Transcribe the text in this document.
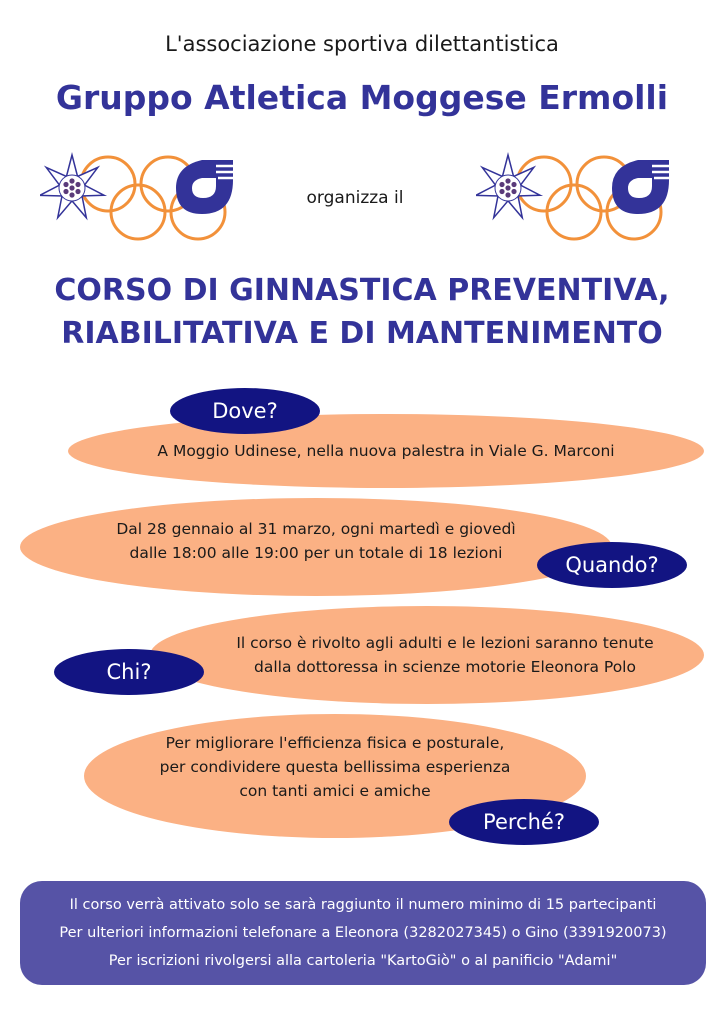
L'associazione sportiva dilettantistica
Gruppo Atletica Moggese Ermolli
organizza il
CORSO DI GINNASTICA PREVENTIVA,
RIABILITATIVA E DI MANTENIMENTO
A Moggio Udinese, nella nuova palestra in Viale G. Marconi
Dove?
Dal 28 gennaio al 31 marzo, ogni martedì e giovedì
dalle 18:00 alle 19:00 per un totale di 18 lezioni	Quando?
Il corso è rivolto agli adulti e le lezioni saranno tenute
dalla dottoressa in scienze motorie Eleonora Polo
Chi?
Per migliorare l'efficienza fisica e posturale,
per condividere questa bellissima esperienza
con tanti amici e amiche
Perché?
Il corso verrà attivato solo se sarà raggiunto il numero minimo di 15 partecipanti
Per ulteriori informazioni telefonare a Eleonora (3282027345) o Gino (3391920073)
Per iscrizioni rivolgersi alla cartoleria "KartoGiò" o al panificio "Adami"
